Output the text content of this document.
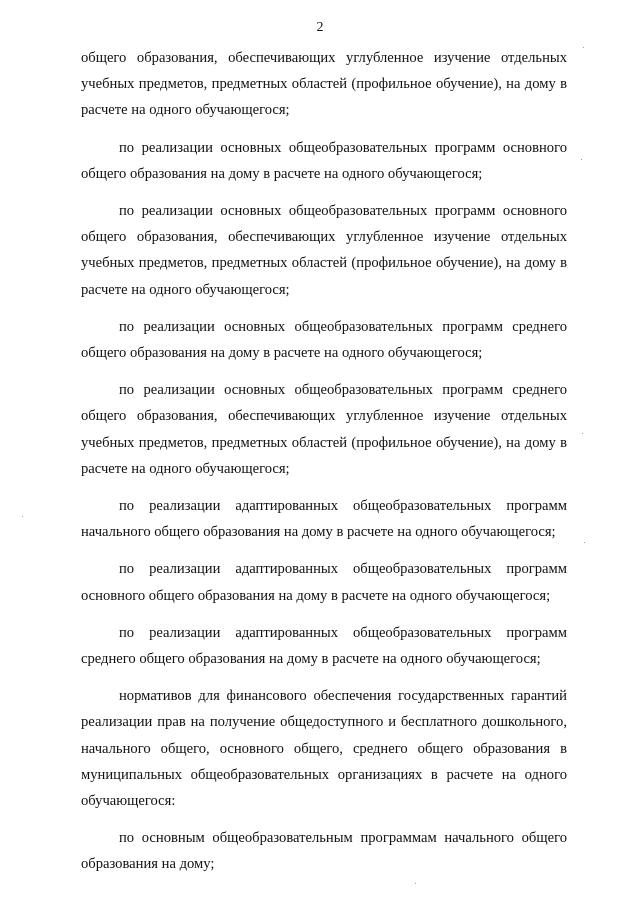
2

общего образования, обеспечивающих углубленное изучение отдельных учебных предметов, предметных областей (профильное обучение), на дому в расчете на одного обучающегося;

по реализации основных общеобразовательных программ основного общего образования на дому в расчете на одного обучающегося;

по реализации основных общеобразовательных программ основного общего образования, обеспечивающих углубленное изучение отдельных учебных предметов, предметных областей (профильное обучение), на дому в расчете на одного обучающегося;

по реализации основных общеобразовательных программ среднего общего образования на дому в расчете на одного обучающегося;

по реализации основных общеобразовательных программ среднего общего образования, обеспечивающих углубленное изучение отдельных учебных предметов, предметных областей (профильное обучение), на дому в расчете на одного обучающегося;

по реализации адаптированных общеобразовательных программ начального общего образования на дому в расчете на одного обучающегося;

по реализации адаптированных общеобразовательных программ основного общего образования на дому в расчете на одного обучающегося;

по реализации адаптированных общеобразовательных программ среднего общего образования на дому в расчете на одного обучающегося;

нормативов для финансового обеспечения государственных гарантий реализации прав на получение общедоступного и бесплатного дошкольного, начального общего, основного общего, среднего общего образования в муниципальных общеобразовательных организациях в расчете на одного обучающегося:

по основным общеобразовательным программам начального общего образования на дому;
